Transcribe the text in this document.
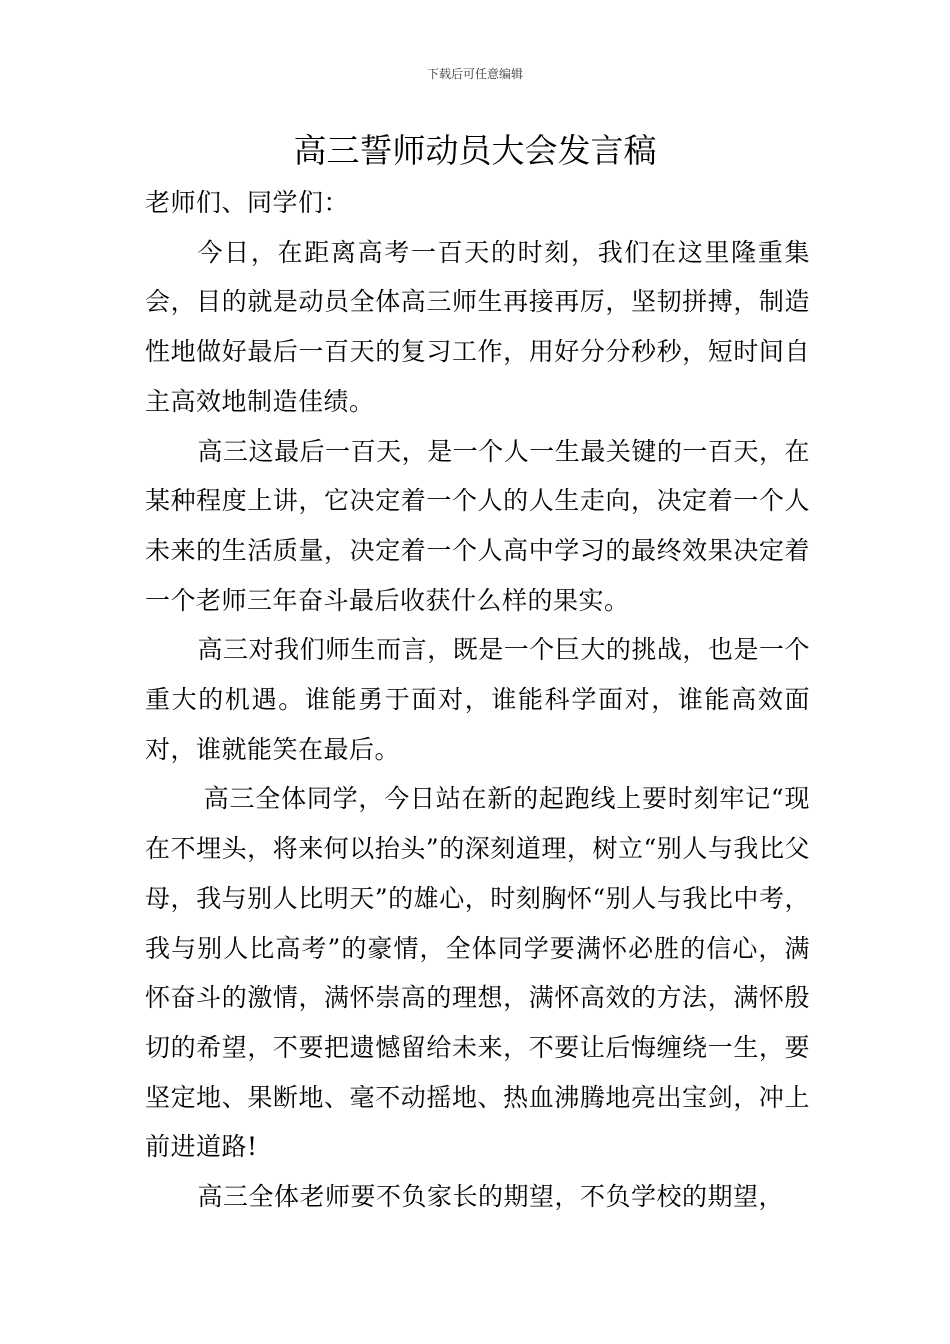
下载后可任意编辑
高三誓师动员大会发言稿

老师们、同学们：

今日，在距离高考一百天的时刻，我们在这里隆重集会，目的就是动员全体高三师生再接再厉，坚韧拼搏，制造性地做好最后一百天的复习工作，用好分分秒秒，短时间自主高效地制造佳绩。

高三这最后一百天，是一个人一生最关键的一百天，在某种程度上讲，它决定着一个人的人生走向，决定着一个人未来的生活质量，决定着一个人高中学习的最终效果决定着一个老师三年奋斗最后收获什么样的果实。

高三对我们师生而言，既是一个巨大的挑战，也是一个重大的机遇。谁能勇于面对，谁能科学面对，谁能高效面对，谁就能笑在最后。

高三全体同学，今日站在新的起跑线上要时刻牢记“现在不埋头，将来何以抬头”的深刻道理，树立“别人与我比父母，我与别人比明天”的雄心，时刻胸怀“别人与我比中考，我与别人比高考”的豪情，全体同学要满怀必胜的信心，满怀奋斗的激情，满怀崇高的理想，满怀高效的方法，满怀殷切的希望，不要把遗憾留给未来，不要让后悔缠绕一生，要坚定地、果断地、毫不动摇地、热血沸腾地亮出宝剑，冲上前进道路!

高三全体老师要不负家长的期望，不负学校的期望，
